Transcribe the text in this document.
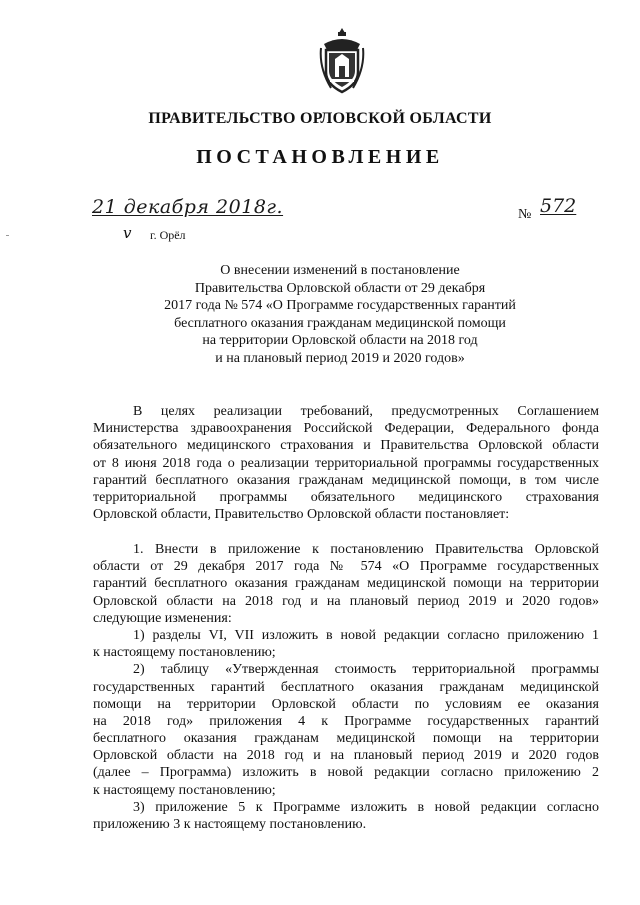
ПРАВИТЕЛЬСТВО ОРЛОВСКОЙ ОБЛАСТИ
ПОСТАНОВЛЕНИЕ
21 декабря 2018г.	№ 572
v г. Орёл
О внесении изменений в постановление
Правительства Орловской области от 29 декабря
2017 года № 574 «О Программе государственных гарантий
бесплатного оказания гражданам медицинской помощи
на территории Орловской области на 2018 год
и на плановый период 2019 и 2020 годов»
В целях реализации требований, предусмотренных Соглашением
Министерства здравоохранения Российской Федерации, Федерального фонда
обязательного медицинского страхования и Правительства Орловской области
от 8 июня 2018 года о реализации территориальной программы государственных
гарантий бесплатного оказания гражданам медицинской помощи, в том числе
территориальной программы обязательного медицинского страхования
Орловской области, Правительство Орловской области постановляет:
1. Внести в приложение к постановлению Правительства Орловской
области от 29 декабря 2017 года № 574 «О Программе государственных
гарантий бесплатного оказания гражданам медицинской помощи на территории
Орловской области на 2018 год и на плановый период 2019 и 2020 годов»
следующие изменения:
1) разделы VI, VII изложить в новой редакции согласно приложению 1
к настоящему постановлению;
2) таблицу «Утвержденная стоимость территориальной программы
государственных гарантий бесплатного оказания гражданам медицинской
помощи на территории Орловской области по условиям ее оказания
на 2018 год» приложения 4 к Программе государственных гарантий
бесплатного оказания гражданам медицинской помощи на территории
Орловской области на 2018 год и на плановый период 2019 и 2020 годов
(далее – Программа) изложить в новой редакции согласно приложению 2
к настоящему постановлению;
3) приложение 5 к Программе изложить в новой редакции согласно
приложению 3 к настоящему постановлению.
